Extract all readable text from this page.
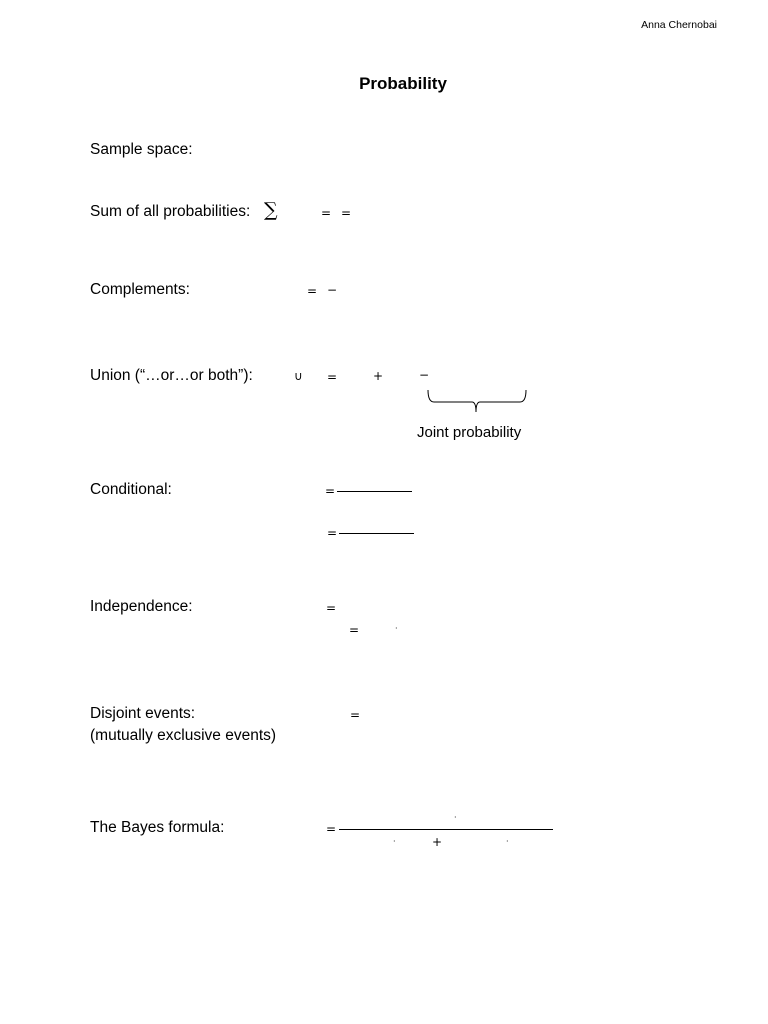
Anna Chernobai
Probability
Sample space:
Sum of all probabilities: ∑	= =
Complements:	= −
Union (“…or…or both”):	∪ =	+	−
Joint probability
Conditional:	=
=
Independence:	=
=	·
Disjoint events:
(mutually exclusive events)
=
The Bayes formula:	=
·
·	+	·
